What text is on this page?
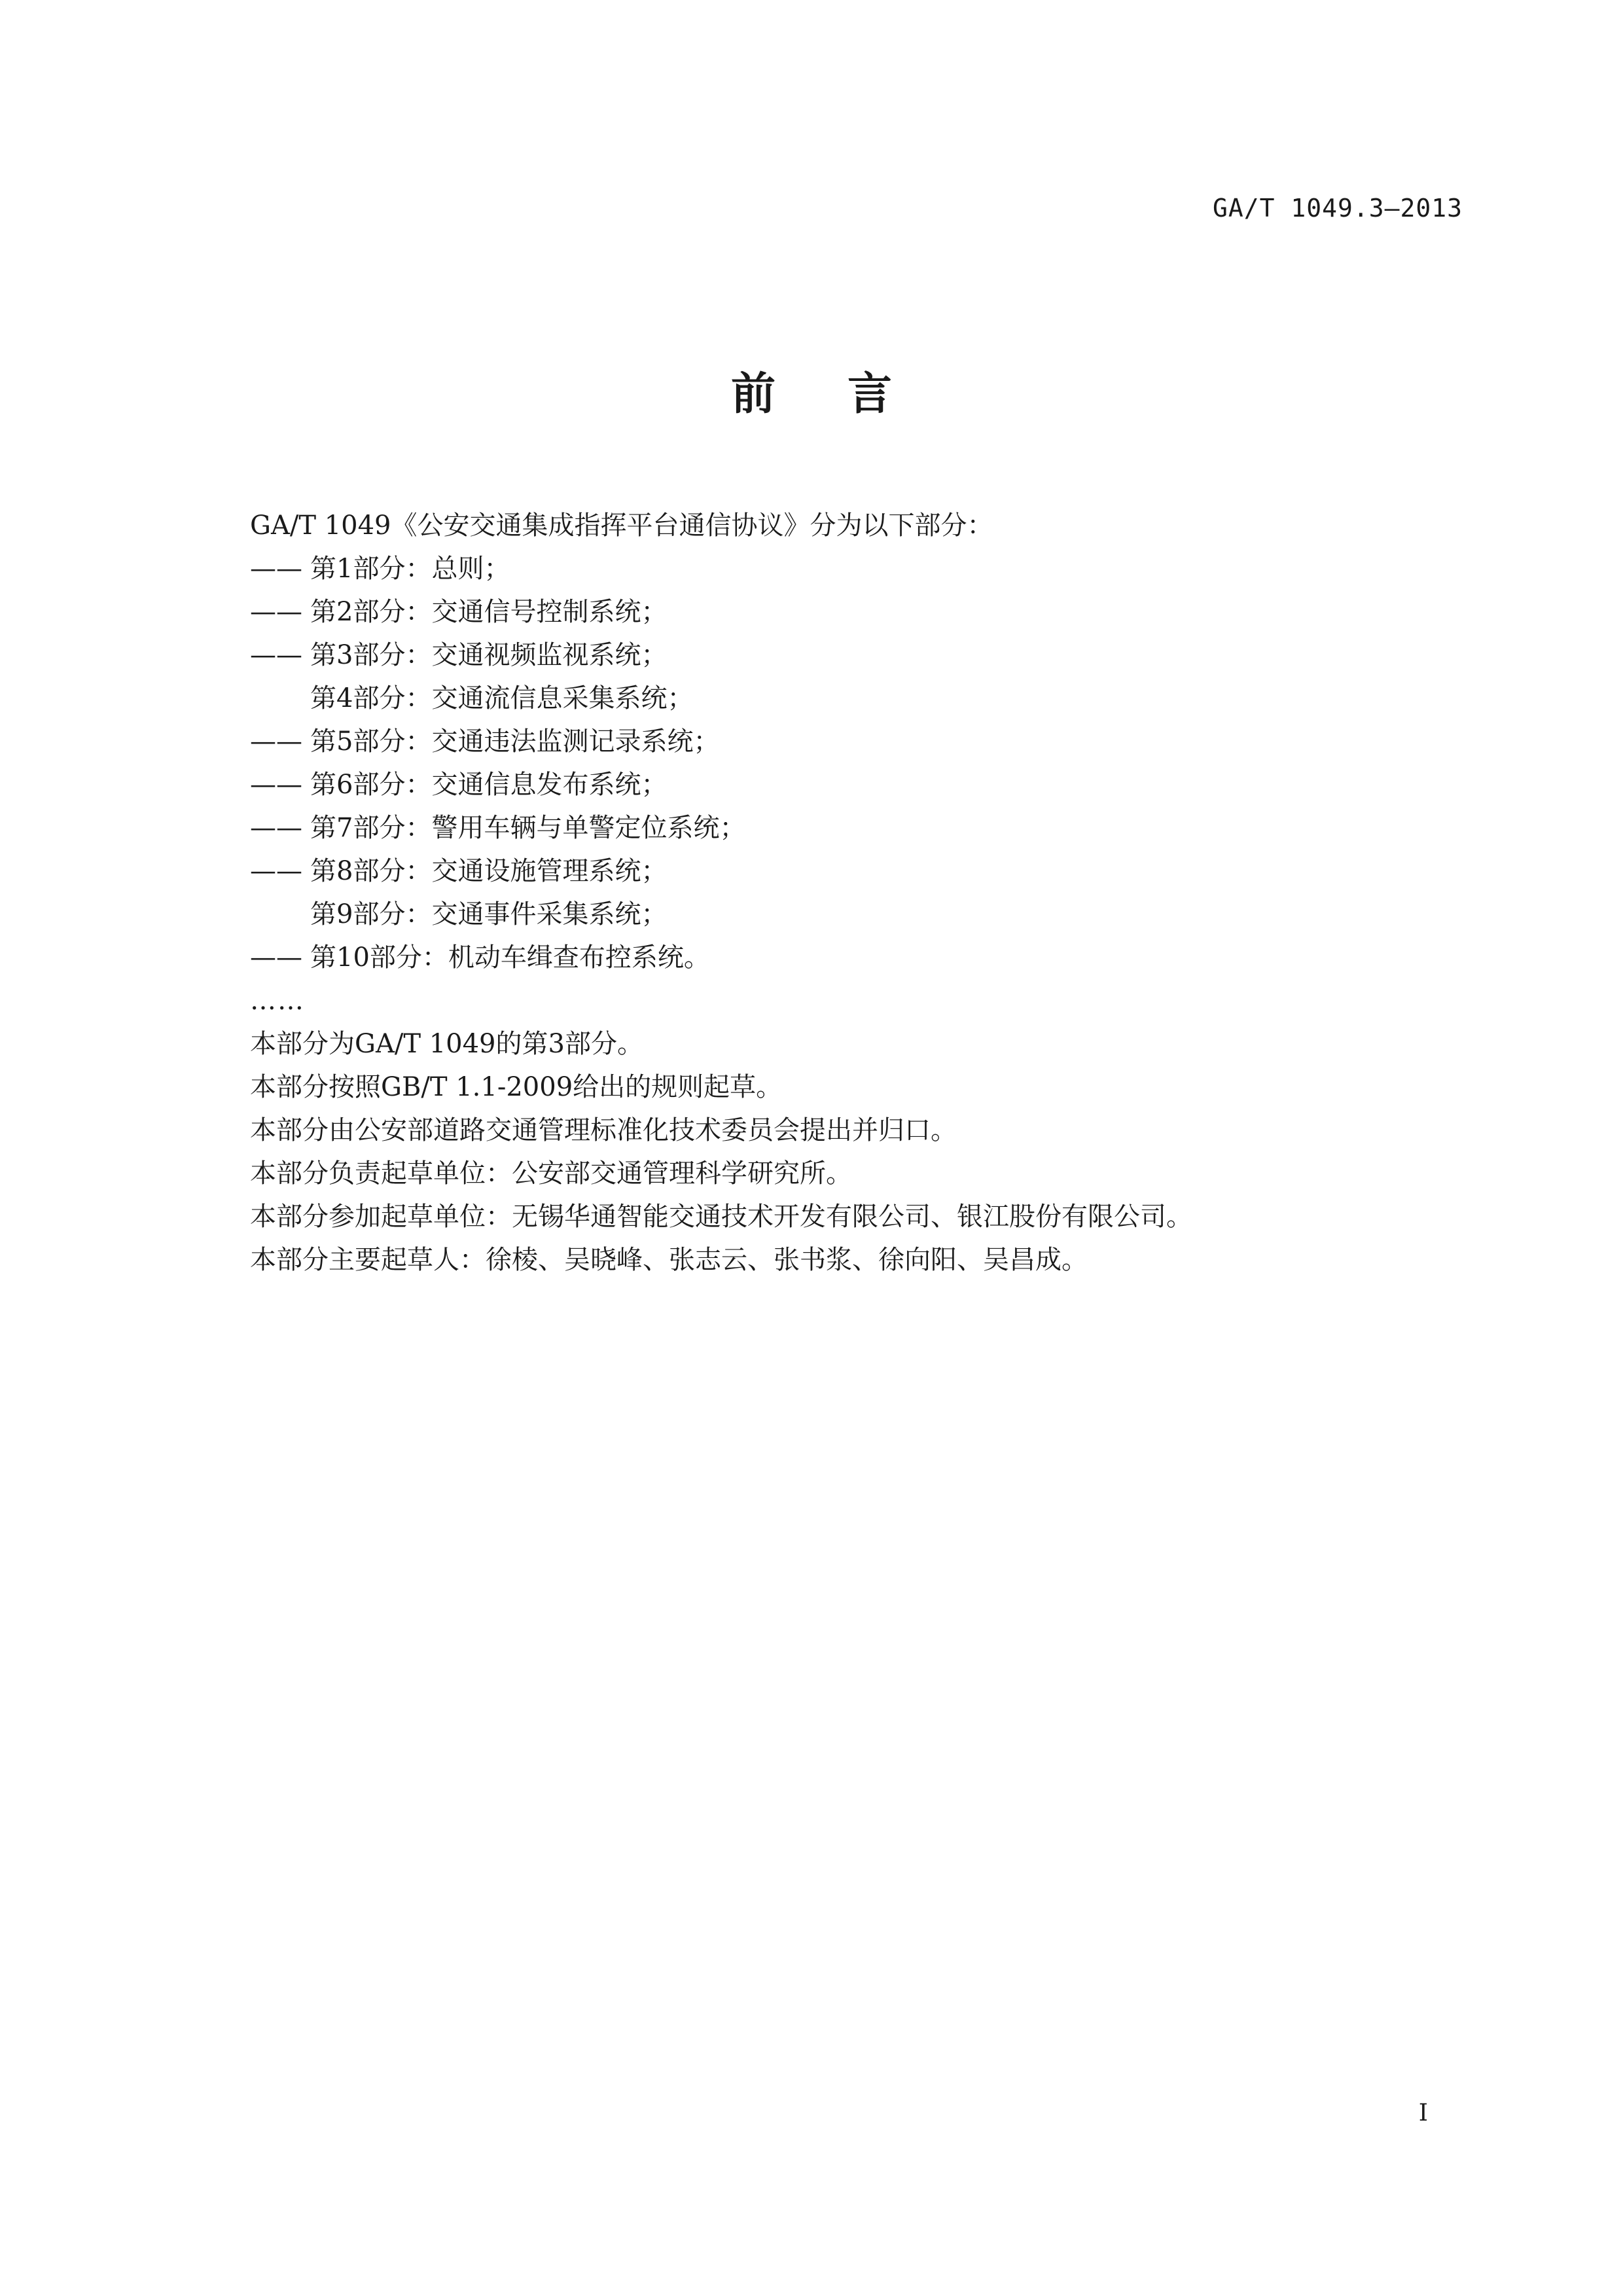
GA/T 1049.3—2013
前言
GA/T 1049《公安交通集成指挥平台通信协议》分为以下部分：
—— 第1部分：总则；
—— 第2部分：交通信号控制系统；
—— 第3部分：交通视频监视系统；
第4部分：交通流信息采集系统；
—— 第5部分：交通违法监测记录系统；
—— 第6部分：交通信息发布系统；
—— 第7部分：警用车辆与单警定位系统；
—— 第8部分：交通设施管理系统；
第9部分：交通事件采集系统；
—— 第10部分：机动车缉查布控系统。
……
本部分为GA/T 1049的第3部分。
本部分按照GB/T 1.1-2009给出的规则起草。
本部分由公安部道路交通管理标准化技术委员会提出并归口。
本部分负责起草单位：公安部交通管理科学研究所。
本部分参加起草单位：无锡华通智能交通技术开发有限公司、银江股份有限公司。
本部分主要起草人：徐棱、吴晓峰、张志云、张书浆、徐向阳、吴昌成。
I
